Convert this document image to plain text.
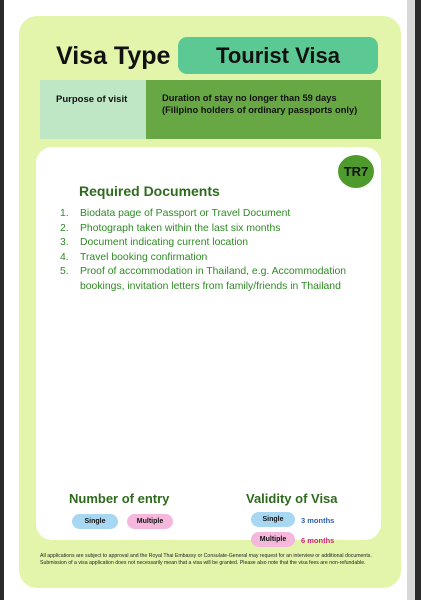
Visa Type Tourist Visa
Purpose of visit	Duration of stay no longer than 59 days
(Filipino holders of ordinary passports only)
TR7
Required Documents
1. Biodata page of Passport or Travel Document
2. Photograph taken within the last six months
3. Document indicating current location
4. Travel booking confirmation
5. Proof of accommodation in Thailand, e.g. Accommodation bookings, invitation letters from family/friends in Thailand
Number of entry
Single	Multiple
Validity of Visa
Single 3 months
Multiple 6 months
All applications are subject to approval and the Royal Thai Embassy or Consulate-General may request for an interview or additional documents. Submission of a visa application does not necessarily mean that a visa will be granted. Please also note that the visa fees are non-refundable.
